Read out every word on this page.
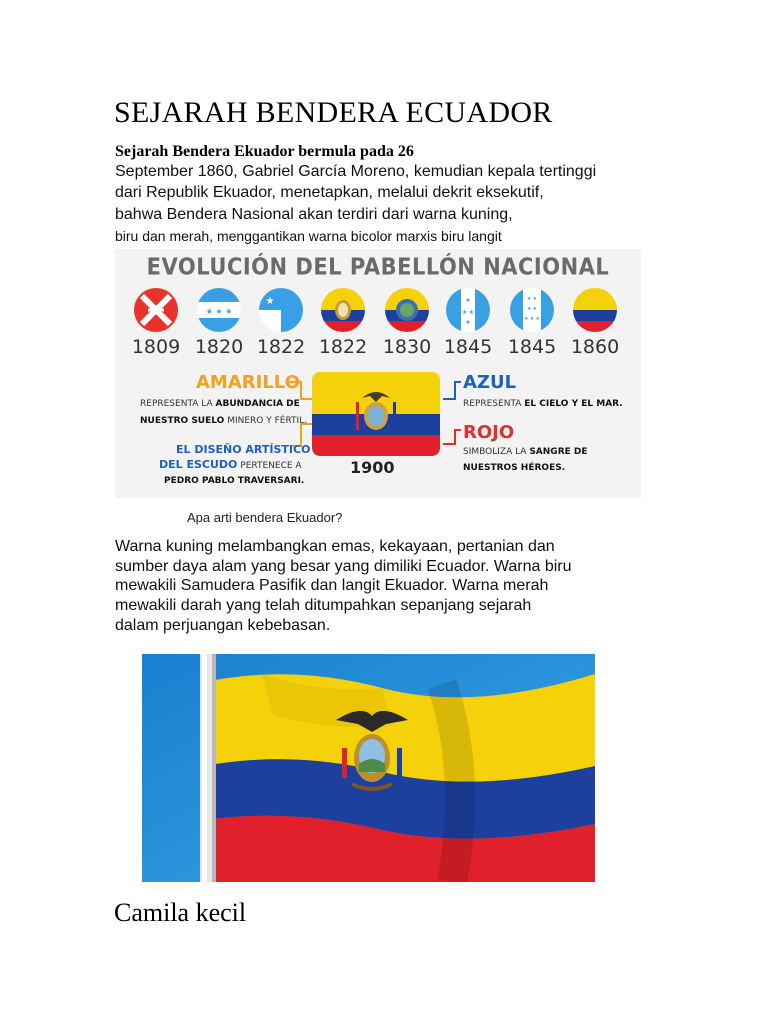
SEJARAH BENDERA ECUADOR
Sejarah Bendera Ekuador bermula pada 26
September 1860, Gabriel García Moreno, kemudian kepala tertinggi
dari Republik Ekuador, menetapkan, melalui dekrit eksekutif,
bahwa Bendera Nasional akan terdiri dari warna kuning,
biru dan merah, menggantikan warna bicolor marxis biru langit
EVOLUCIÓN DEL PABELLÓN NACIONAL
★ ★ ★
★	★
★ ★
★
★ ★
★ ★
★ ★ ★
1809 1820 1822 1822 1830 1845 1845 1860
AMARILLO
REPRESENTA LA ABUNDANCIA DE
NUESTRO SUELO MINERO Y FÉRTIL.
EL DISEÑO ARTÍSTICO
DEL ESCUDO PERTENECE A
PEDRO PABLO TRAVERSARI.
1900
AZUL
REPRESENTA EL CIELO Y EL MAR.
ROJO
SIMBOLIZA LA SANGRE DE
NUESTROS HÉROES.
Apa arti bendera Ekuador?
Warna kuning melambangkan emas, kekayaan, pertanian dan
sumber daya alam yang besar yang dimiliki Ecuador. Warna biru
mewakili Samudera Pasifik dan langit Ekuador. Warna merah
mewakili darah yang telah ditumpahkan sepanjang sejarah
dalam perjuangan kebebasan.
Camila kecil
